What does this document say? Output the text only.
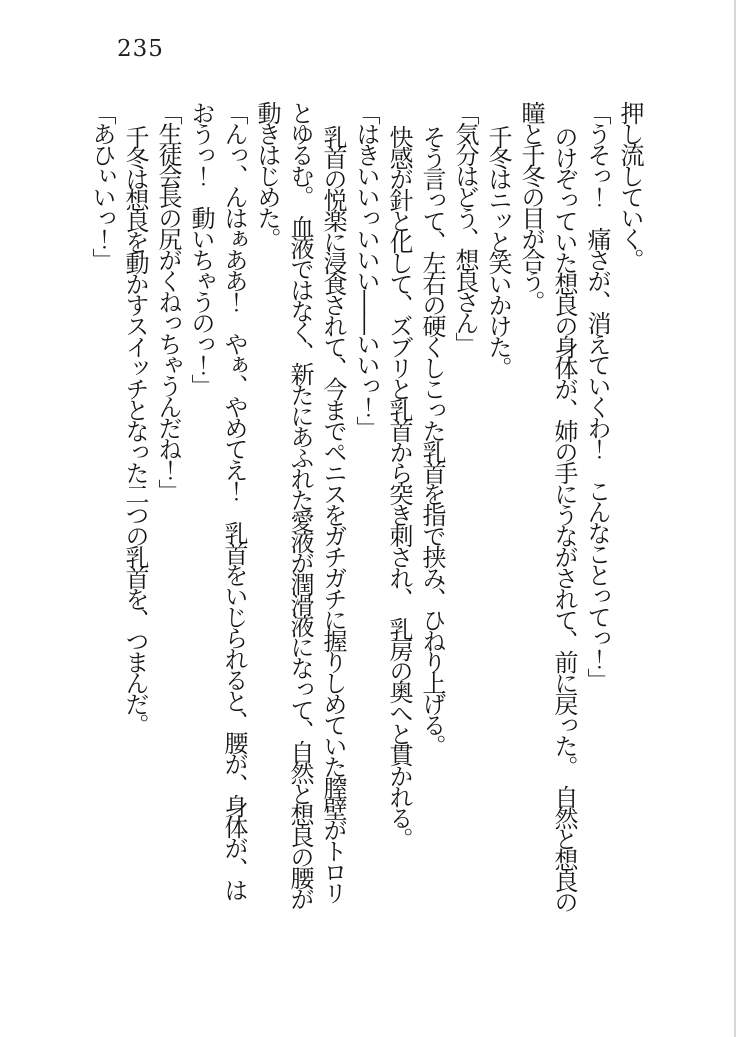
235

押し流していく。

「うそっ！　痛さが、消えていくわ！　こんなことってっ！」

のけぞっていた想良の身体が、姉の手にうながされて、前に戻った。　自然と想良の

瞳と千冬の目が合う。

千冬はニッと笑いかけた。

「気分はどう、想良さん」

そう言って、左右の硬くしこった乳首を指で挟み、ひねり上げる。

快感が針と化して、ズブリと乳首から突き刺され、　乳房の奥へと貫かれる。

「はきいいっいいい――いいっ！」

乳首の悦楽に浸食されて、今までペニスをガチガチに握りしめていた膣壁がトロリ

とゆるむ。　血液ではなく、新たにあふれた愛液が潤滑液になって、自然と想良の腰が

動きはじめた。

「んっ、んはぁああ！　やぁ、やめてえ！　乳首をいじられると、腰が、身体が、は

おうっ！　動いちゃうのっ！」

「生徒会長の尻がくねっちゃうんだね！」

千冬は想良を動かすスイッチとなった二つの乳首を、つまんだ。

「あひぃいっ！」
